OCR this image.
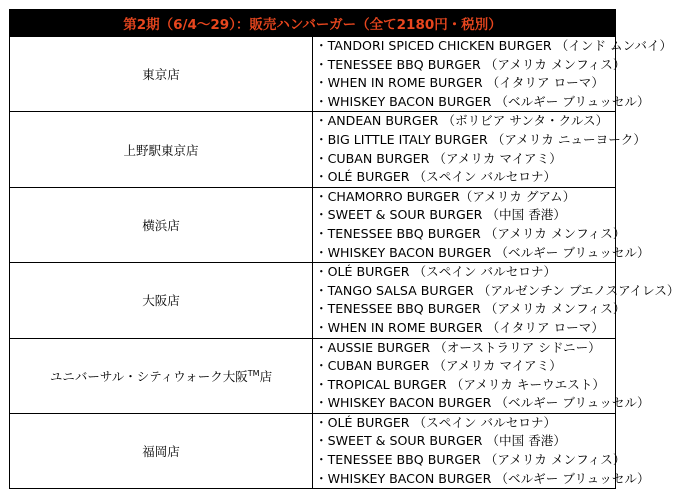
第2期（6/4～29）：販売ハンバーガー（全て2180円・税別）	
東京店	・TANDORI SPICED CHICKEN BURGER （インド ムンバイ）
・TENESSEE BBQ BURGER （アメリカ メンフィス）
・WHEN IN ROME BURGER （イタリア ローマ）
・WHISKEY BACON BURGER （ベルギー ブリュッセル）

上野駅東京店	・ANDEAN BURGER （ボリビア サンタ・クルス）
・BIG LITTLE ITALY BURGER （アメリカ ニューヨーク）
・CUBAN BURGER （アメリカ マイアミ）
・OLÉ BURGER （スペイン バルセロナ）

横浜店	・CHAMORRO BURGER（アメリカ グアム）
・SWEET & SOUR BURGER （中国 香港）
・TENESSEE BBQ BURGER （アメリカ メンフィス）
・WHISKEY BACON BURGER （ベルギー ブリュッセル）

大阪店	・OLÉ BURGER （スペイン バルセロナ）
・TANGO SALSA BURGER （アルゼンチン ブエノスアイレス）
・TENESSEE BBQ BURGER （アメリカ メンフィス）
・WHEN IN ROME BURGER （イタリア ローマ）

ユニバーサル・シティウォーク大阪™店	・AUSSIE BURGER （オーストラリア シドニー）
・CUBAN BURGER （アメリカ マイアミ）
・TROPICAL BURGER （アメリカ キーウエスト）
・WHISKEY BACON BURGER （ベルギー ブリュッセル）

福岡店	・OLÉ BURGER （スペイン バルセロナ）
・SWEET & SOUR BURGER （中国 香港）
・TENESSEE BBQ BURGER （アメリカ メンフィス）
・WHISKEY BACON BURGER （ベルギー ブリュッセル）
